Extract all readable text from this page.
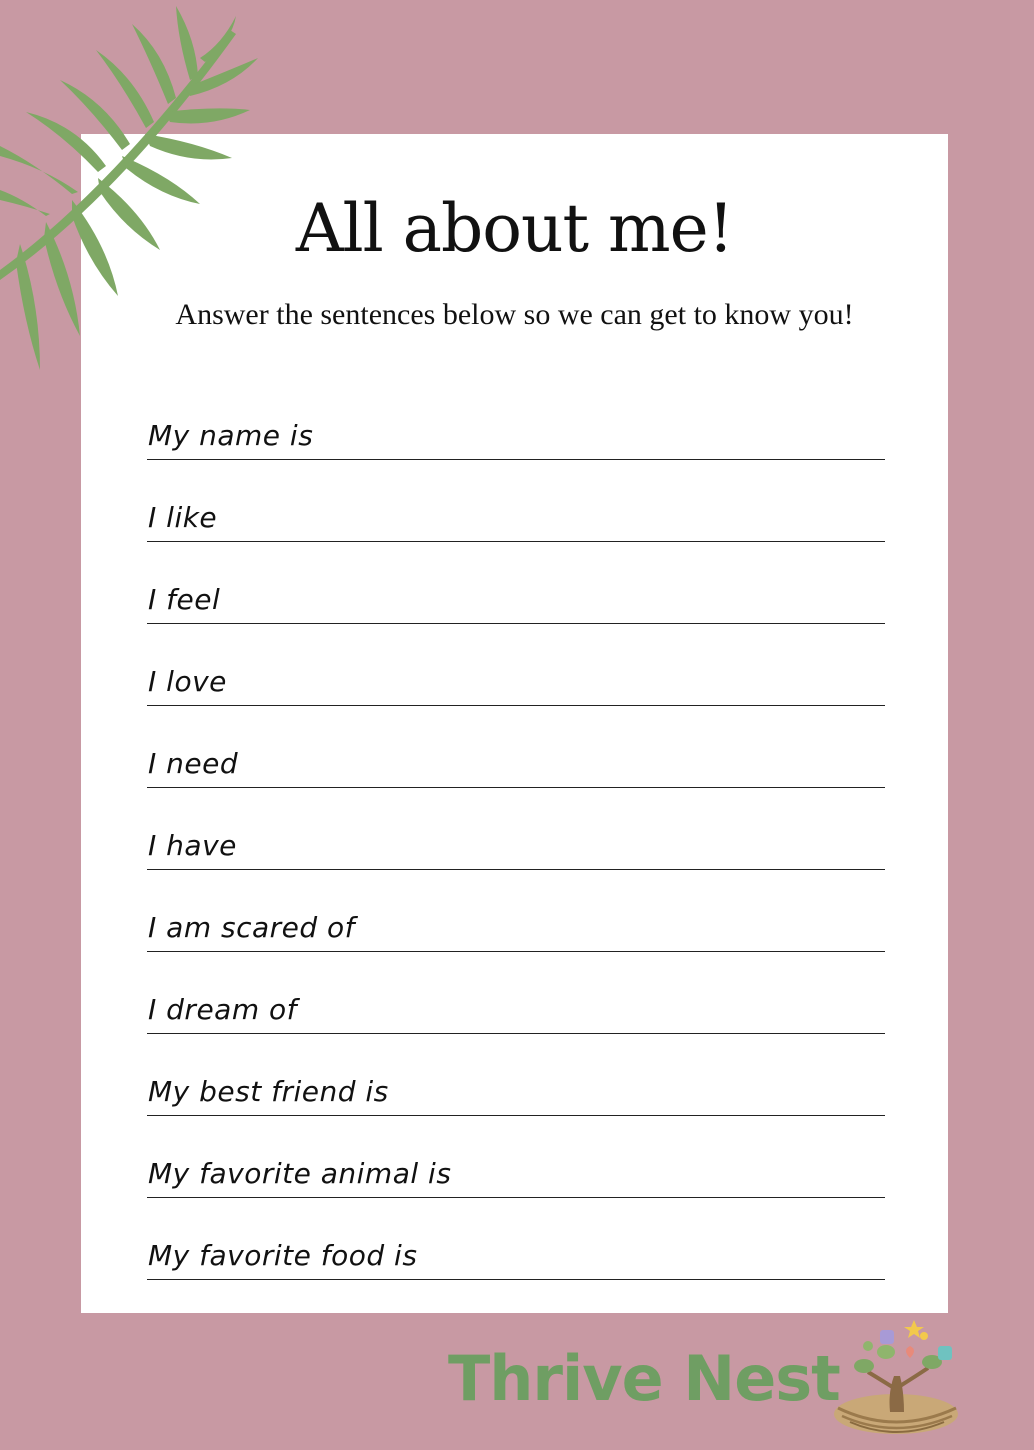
All about me!
Answer the sentences below so we can get to know you!
My name is
I like
I feel
I love
I need
I have
I am scared of
I dream of
My best friend is
My favorite animal is
My favorite food is
Thrive Nest
